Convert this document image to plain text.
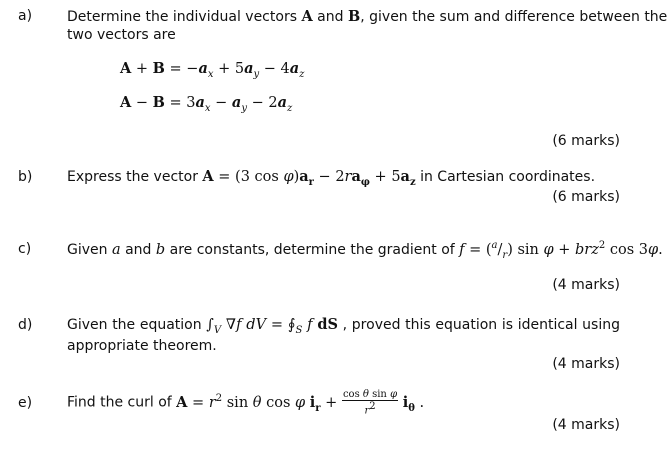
a) Determine the individual vectors A and B, given the sum and difference between the
two vectors are
$A + B = -a_x + 5a_y - 4a_z$
$A - B = 3a_x - a_y - 2a_z$
(6 marks)
b) Express the vector A = (3 $\cos \varphi)a_r - 2ra_\varphi + 5a_z$ in Cartesian coordinates.
(6 marks)
c)	Given a and b are constants, determine the gradient of $f = (^a/_r)$ sin φ + brz$^2$ cos 3φ.
(4 marks)
d) Given the equation $\int_V$ ∇f dV = $∮_S$ f dS , proved this equation is identical using
appropriate theorem.
(4 marks)
e) Find the curl of $A = r^2$ sin θ cos φ $i_r + \frac{\text{cos θ sin φ}}{r^2} i_\theta$ .
(4 marks)
